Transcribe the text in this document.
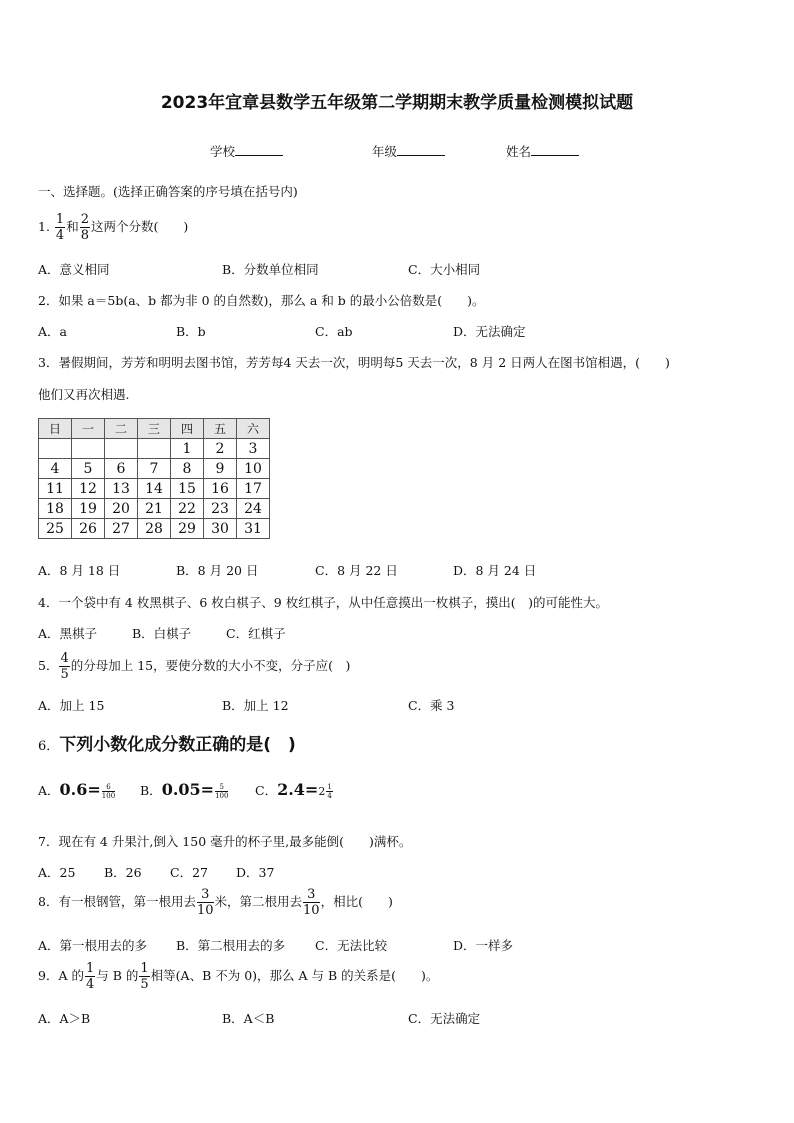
2023年宜章县数学五年级第二学期期末教学质量检测模拟试题
学校	年级	姓名
一、选择题。(选择正确答案的序号填在括号内)
1. $\frac{1}{4}$ 和 $\frac{2}{8}$ 这两个分数(　　)
A．意义相同	B．分数单位相同	C．大小相同
2．如果 a＝5b(a、b 都为非 0 的自然数)，那么 a 和 b 的最小公倍数是(　　)。
A．a	B．b	C．ab	D．无法确定
3．暑假期间，芳芳和明明去图书馆，芳芳每4 天去一次，明明每5 天去一次，8 月 2 日两人在图书馆相遇，(　　)
他们又再次相遇.
日	一	二	三	四	五	六
				1	2	3
4	5	6	7	8	9	10
11	12	13	14	15	16	17
18	19	20	21	22	23	24
25	26	27	28	29	30	31
A．8 月 18 日	B．8 月 20 日	C．8 月 22 日	D．8 月 24 日
4．一个袋中有 4 枚黑棋子、6 枚白棋子、9 枚红棋子，从中任意摸出一枚棋子，摸出(　)的可能性大。
A．黑棋子	B．白棋子	C．红棋子
5． $\frac{4}{5}$ 的分母加上 15，要使分数的大小不变，分子应(　)
A．加上 15	B．加上 12	C．乘 3
6．下列小数化成分数正确的是(　)
A．$0.6= \frac{6}{100}$ B．$0.05= \frac{5}{100}$ C．$2.4=2 \frac{1}{4}$
7．现在有 4 升果汁,倒入 150 毫升的杯子里,最多能倒(　　)满杯。
A．25 B．26 C．27 D．37
8．有一根钢管，第一根用去 $\frac{3}{10}$ 米，第二根用去 $\frac{3}{10}$ ，相比(　　)
A．第一根用去的多 B．第二根用去的多 C．无法比较	D．一样多
9．A 的 $\frac{1}{4}$ 与 B 的 $\frac{1}{5}$ 相等(A、B 不为 0)，那么 A 与 B 的关系是(　　)。
A．A＞B	B．A＜B	C．无法确定
